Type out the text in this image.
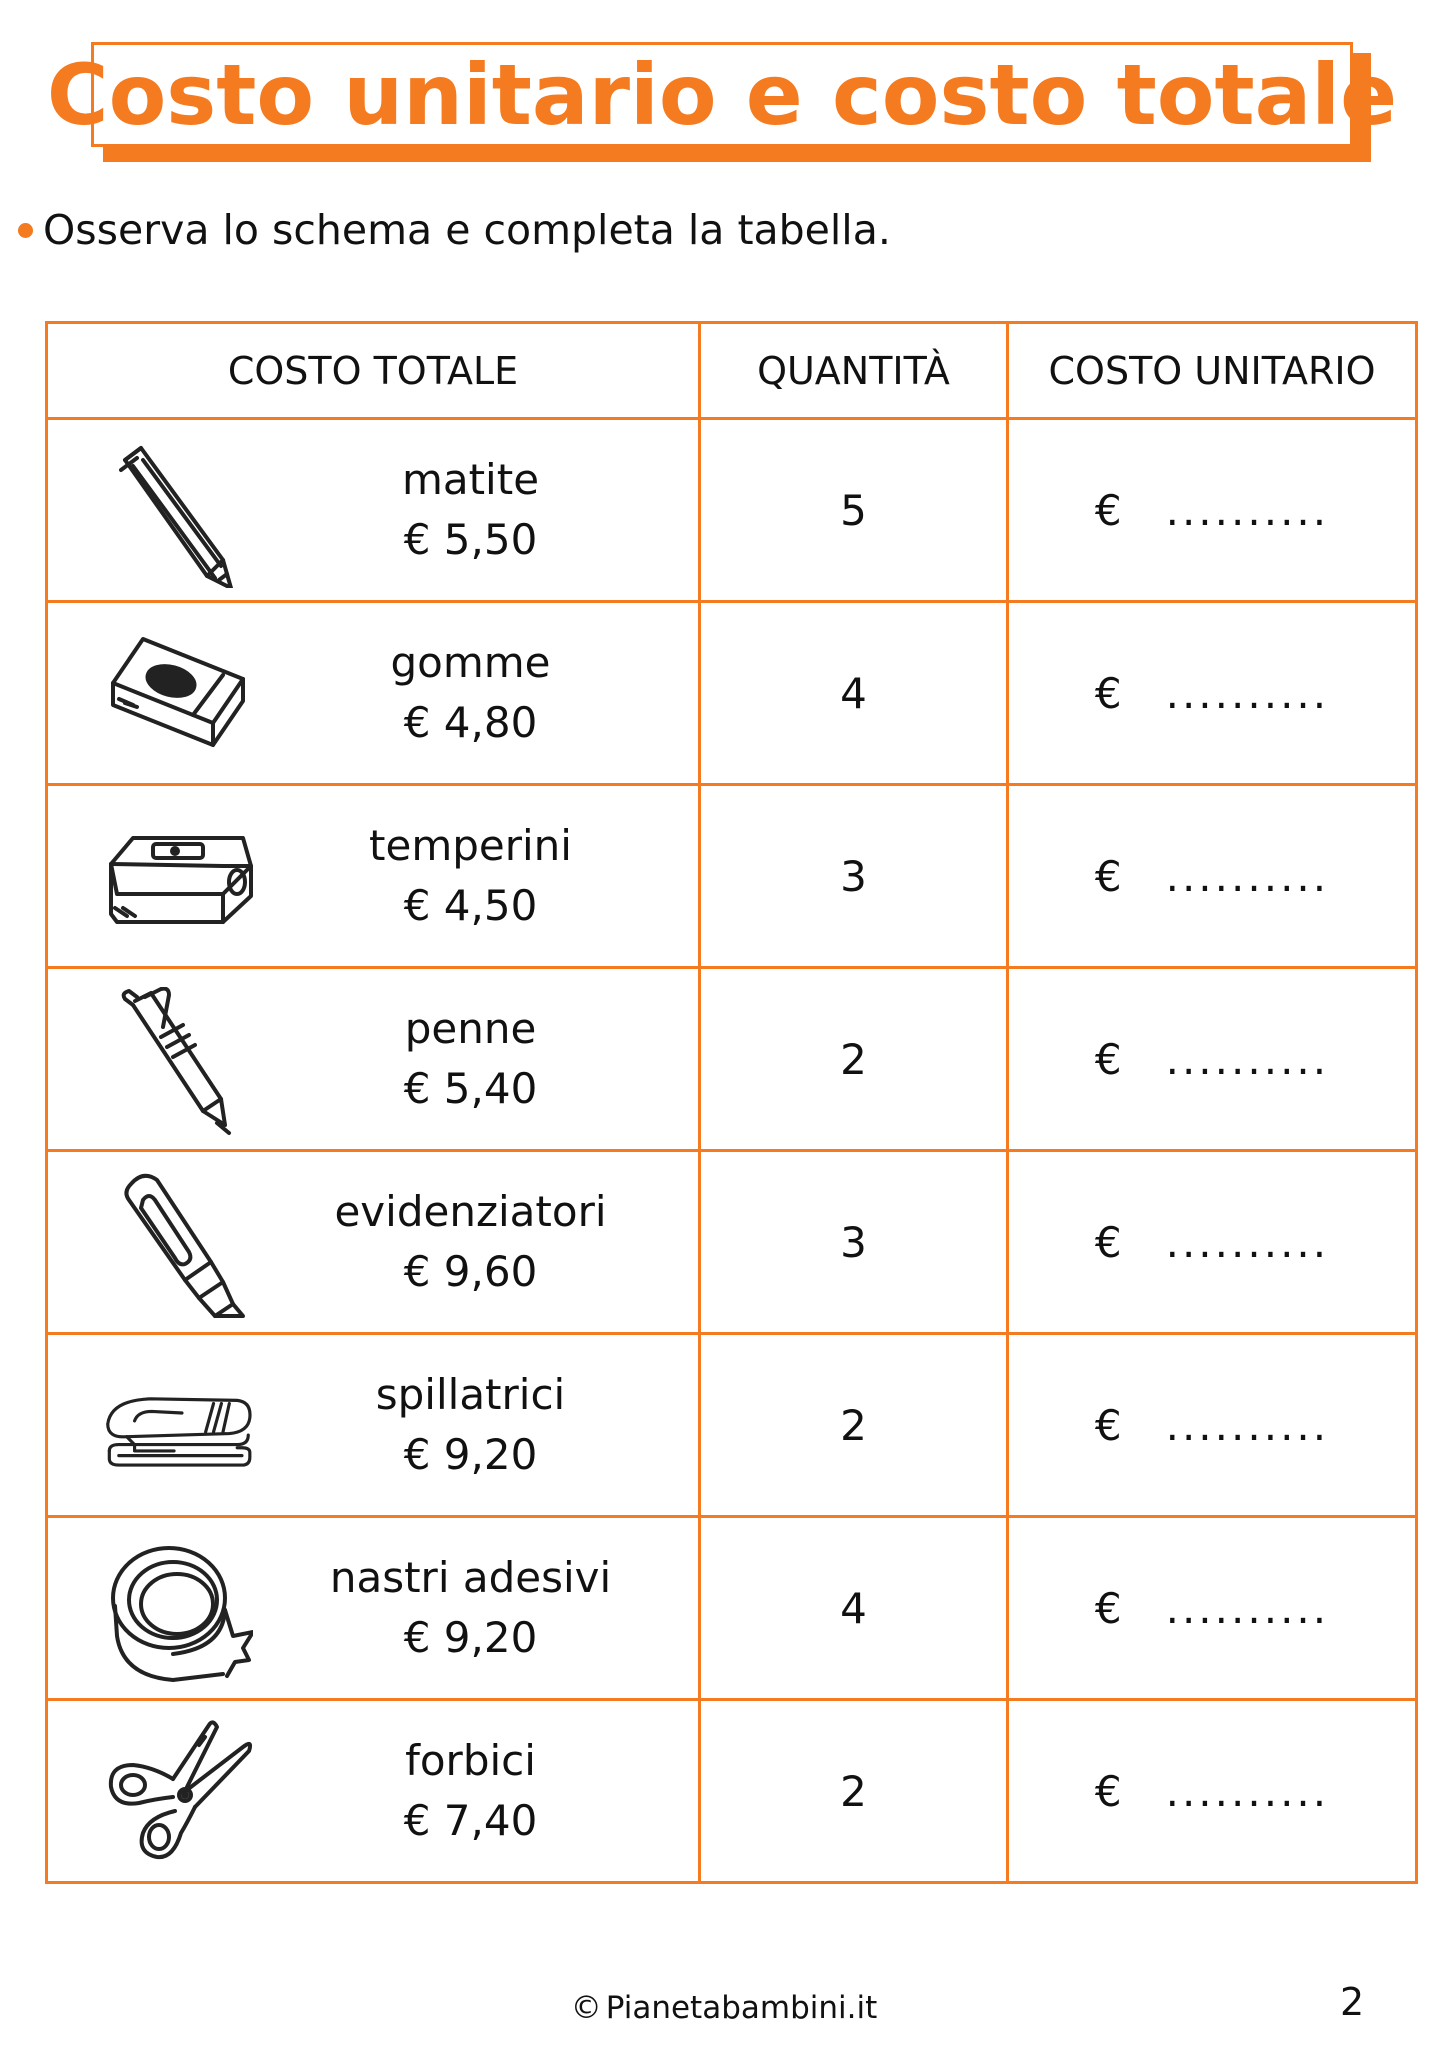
Costo unitario e costo totale
Osserva lo schema e completa la tabella.
COSTO TOTALE	QUANTITÀ	COSTO UNITARIO

matite
€ 5,50	5	€ ..........

gomme
€ 4,80	4	€ ..........

temperini
€ 4,50	3	€ ..........

penne
€ 5,40	2	€ ..........

evidenziatori
€ 9,60	3	€ ..........

spillatrici
€ 9,20	2	€ ..........

nastri adesivi
€ 9,20	4	€ ..........

forbici
€ 7,40	2	€ ..........
© Pianetabambini.it	2
